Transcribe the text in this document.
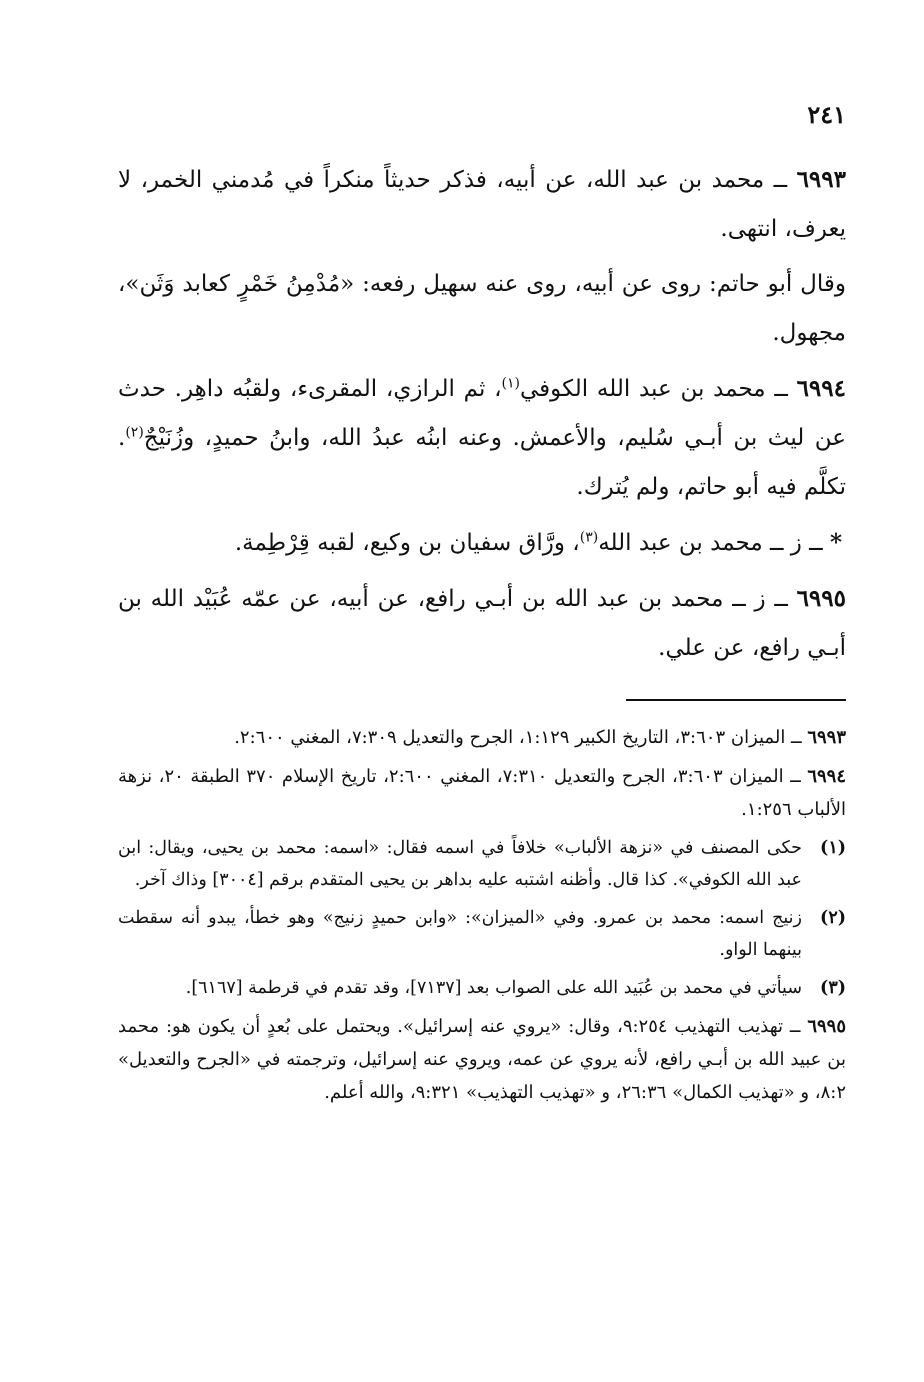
٢٤١

٦٩٩٣ ــ محمد بن عبد الله، عن أبيه، فذكر حديثاً منكراً في مُدمني الخمر، لا يعرف، انتهى.

وقال أبو حاتم: روى عن أبيه، روى عنه سهيل رفعه: «مُدْمِنُ خَمْرٍ كعابد وَثَن»، مجهول.

٦٩٩٤ ــ محمد بن عبد الله الكوفي$^{(١)}$، ثم الرازي، المقرىء، ولقبُه داهِر. حدث عن ليث بن أبـي سُليم، والأعمش. وعنه ابنُه عبدُ الله، وابنُ حميدٍ، وزُنَيْجٌ$^{(٢)}$. تكلَّم فيه أبو حاتم، ولم يُترك.

* ــ ز ــ محمد بن عبد الله$^{(٣)}$، ورَّاق سفيان بن وكيع، لقبه قِرْطِمة.

٦٩٩٥ ــ ز ــ محمد بن عبد الله بن أبـي رافع، عن أبيه، عن عمّه عُبَيْد الله بن أبـي رافع، عن علي.

٦٩٩٣ ــ الميزان ٣:٦٠٣، التاريخ الكبير ١:١٢٩، الجرح والتعديل ٧:٣٠٩، المغني ٢:٦٠٠.

٦٩٩٤ ــ الميزان ٣:٦٠٣، الجرح والتعديل ٧:٣١٠، المغني ٢:٦٠٠، تاريخ الإسلام ٣٧٠ الطبقة ٢٠، نزهة الألباب ١:٢٥٦.

(١)
حكى المصنف في «نزهة الألباب» خلافاً في اسمه فقال: «اسمه: محمد بن يحيى، ويقال: ابن عبد الله الكوفي». كذا قال. وأظنه اشتبه عليه بداهر بن يحيى المتقدم برقم [٣٠٠٤] وذاك آخر.
(٢)
زنيج اسمه: محمد بن عمرو. وفي «الميزان»: «وابن حميدٍ زنيج» وهو خطأ، يبدو أنه سقطت بينهما الواو.
(٣)
سيأتي في محمد بن عُبَيد الله على الصواب بعد [٧١٣٧]، وقد تقدم في قرطمة [٦١٦٧].

٦٩٩٥ ــ تهذيب التهذيب ٩:٢٥٤، وقال: «يروي عنه إسرائيل». ويحتمل على بُعدٍ أن يكون هو: محمد بن عبيد الله بن أبـي رافع، لأنه يروي عن عمه، ويروي عنه إسرائيل، وترجمته في «الجرح والتعديل» ٨:٢، و «تهذيب الكمال» ٢٦:٣٦، و «تهذيب التهذيب» ٩:٣٢١، والله أعلم.
